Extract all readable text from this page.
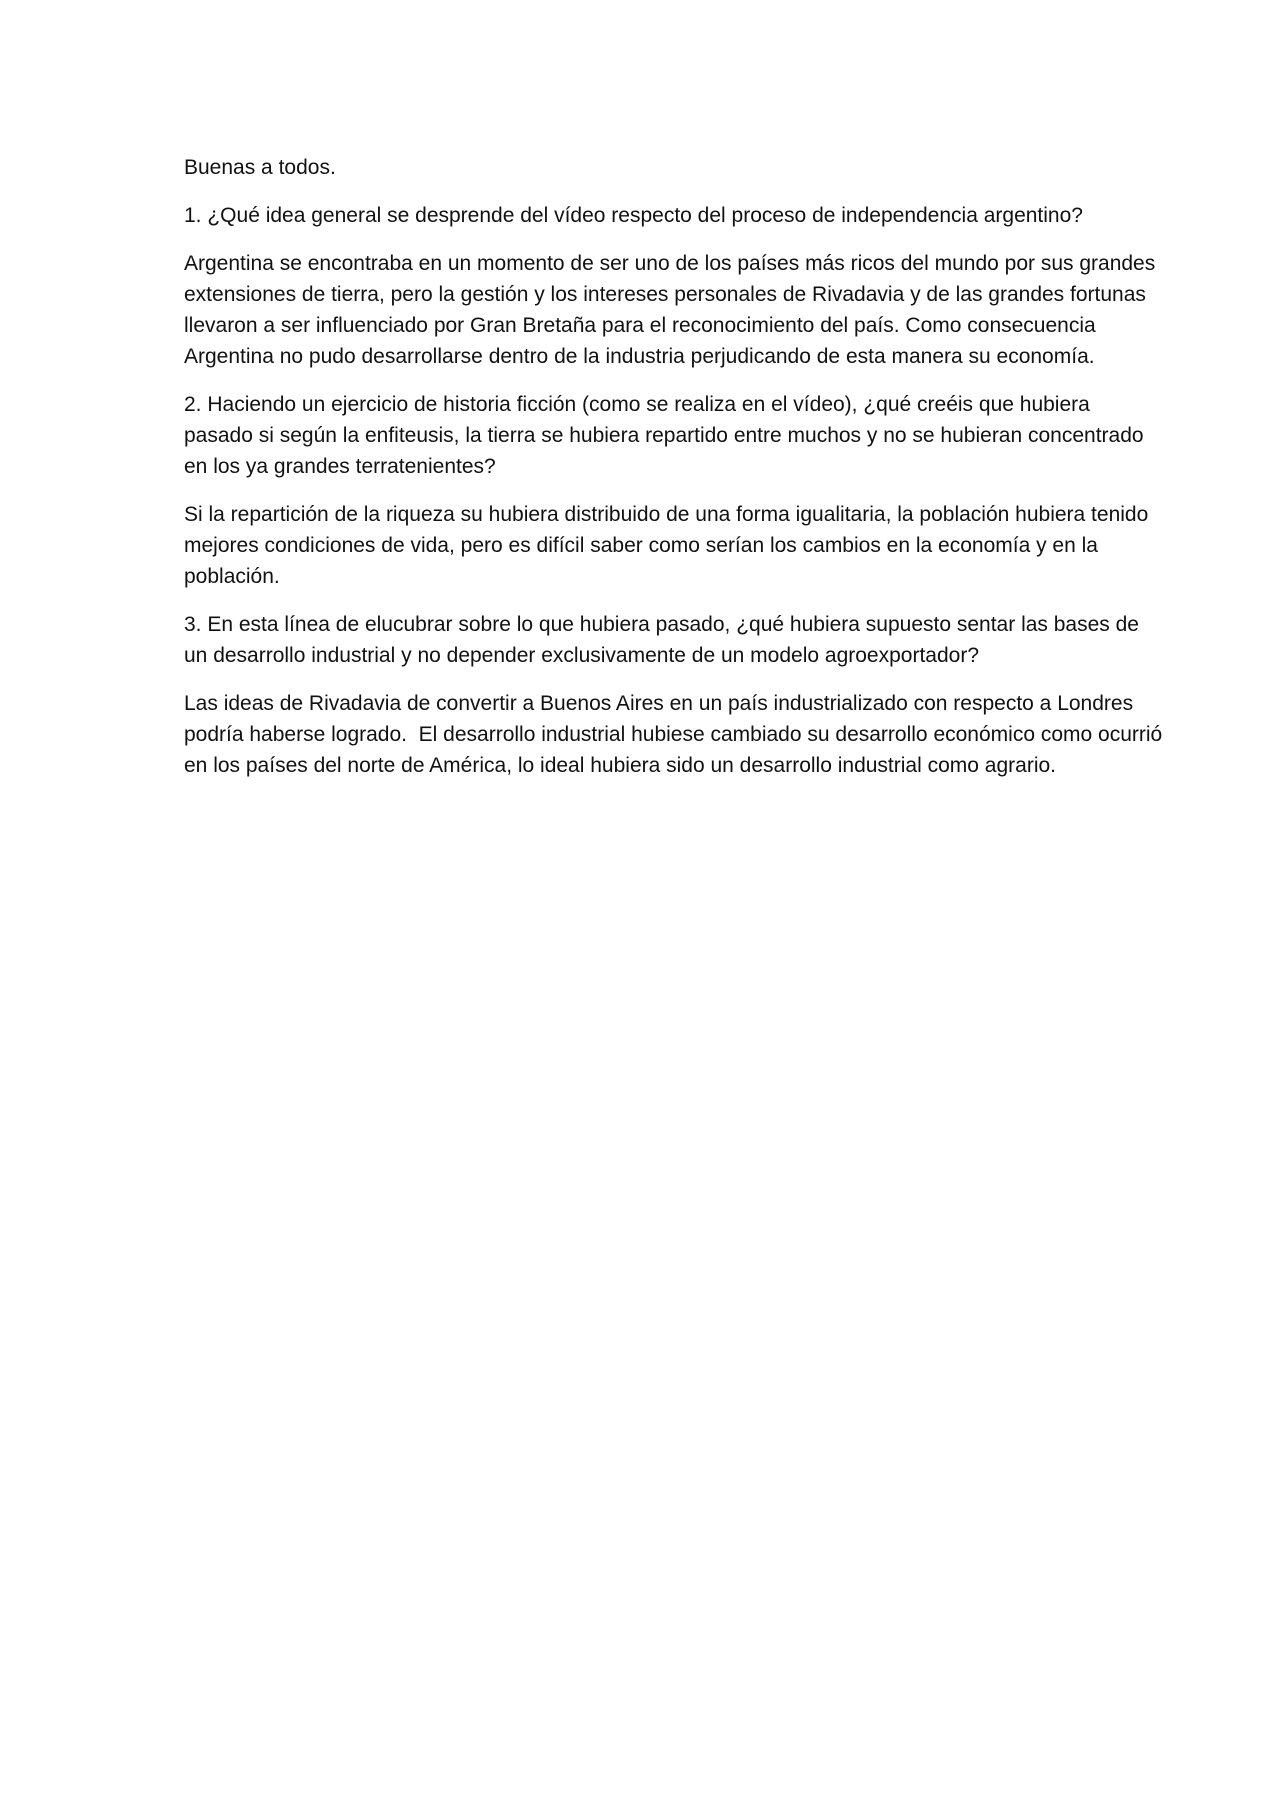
Buenas a todos.

1. ¿Qué idea general se desprende del vídeo respecto del proceso de independencia argentino?

Argentina se encontraba en un momento de ser uno de los países más ricos del mundo por sus grandes extensiones de tierra, pero la gestión y los intereses personales de Rivadavia y de las grandes fortunas  llevaron a ser influenciado por Gran Bretaña para el reconocimiento del país. Como consecuencia Argentina no pudo desarrollarse dentro de la industria perjudicando de esta manera su economía.

2. Haciendo un ejercicio de historia ficción (como se realiza en el vídeo), ¿qué creéis que hubiera pasado si según la enfiteusis, la tierra se hubiera repartido entre muchos y no se hubieran concentrado en los ya grandes terratenientes?

Si la repartición de la riqueza su hubiera distribuido de una forma igualitaria, la población hubiera tenido mejores condiciones de vida, pero es difícil saber como serían los cambios en la economía y en la población.

3. En esta línea de elucubrar sobre lo que hubiera pasado, ¿qué hubiera supuesto sentar las bases de un desarrollo industrial y no depender exclusivamente de un modelo agroexportador?

Las ideas de Rivadavia de convertir a Buenos Aires en un país industrializado con respecto a Londres  podría haberse logrado.  El desarrollo industrial hubiese cambiado su desarrollo económico como ocurrió en los países del norte de América, lo ideal hubiera sido un desarrollo industrial como agrario.
